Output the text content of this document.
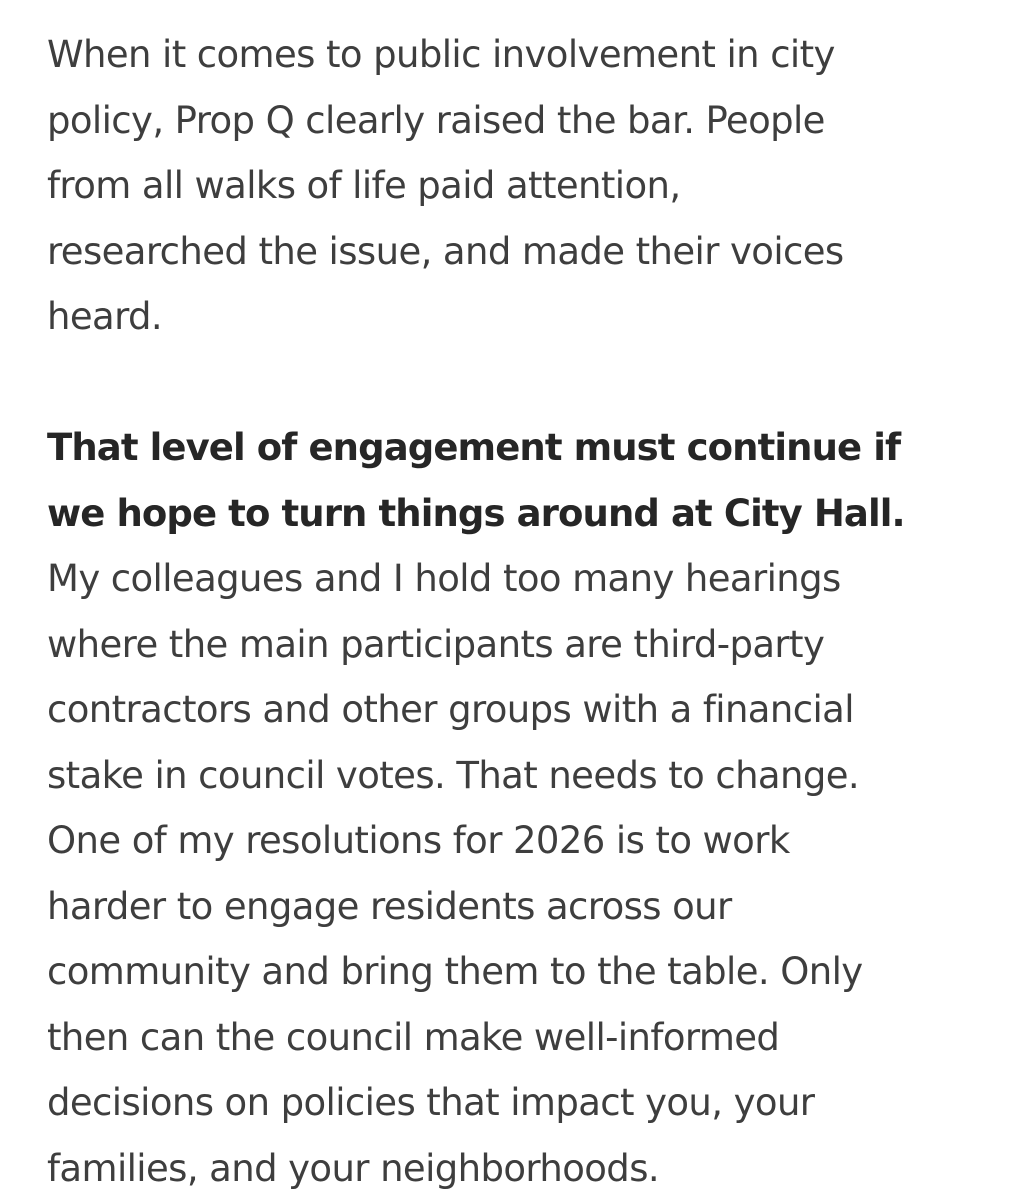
When it comes to public involvement in city
policy, Prop Q clearly raised the bar. People
from all walks of life paid attention,
researched the issue, and made their voices
heard.
That level of engagement must continue if
we hope to turn things around at City Hall.
My colleagues and I hold too many hearings
where the main participants are third-party
contractors and other groups with a financial
stake in council votes. That needs to change.
One of my resolutions for 2026 is to work
harder to engage residents across our
community and bring them to the table. Only
then can the council make well-informed
decisions on policies that impact you, your
families, and your neighborhoods.
